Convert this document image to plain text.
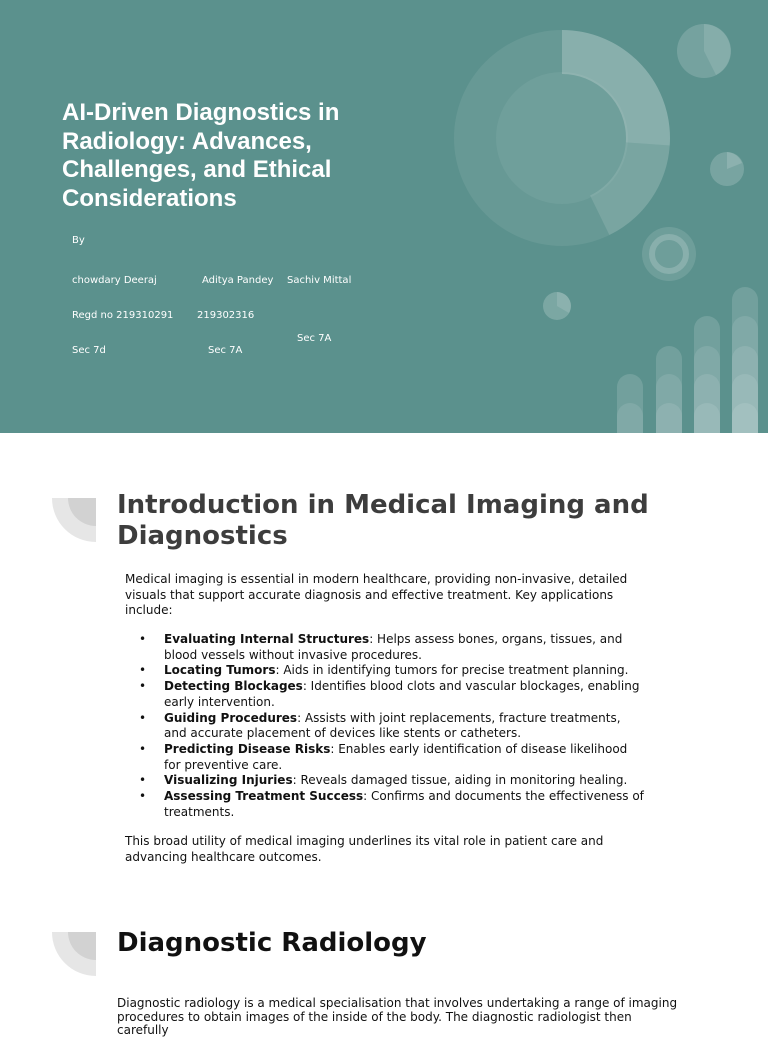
AI-Driven Diagnostics in Radiology: Advances, Challenges, and Ethical Considerations
By

chowdary Deeraj

Regd no 219310291

Sec 7d

Aditya Pandey

219302316

Sec 7A

Sachiv Mittal

Sec 7A

Introduction in Medical Imaging and Diagnostics

Medical imaging is essential in modern healthcare, providing non-invasive, detailed visuals that support accurate diagnosis and effective treatment. Key applications include:

• Evaluating Internal Structures: Helps assess bones, organs, tissues, and blood vessels without invasive procedures.
• Locating Tumors: Aids in identifying tumors for precise treatment planning.
• Detecting Blockages: Identifies blood clots and vascular blockages, enabling early intervention.
• Guiding Procedures: Assists with joint replacements, fracture treatments, and accurate placement of devices like stents or catheters.
• Predicting Disease Risks: Enables early identification of disease likelihood for preventive care.
• Visualizing Injuries: Reveals damaged tissue, aiding in monitoring healing.
• Assessing Treatment Success: Confirms and documents the effectiveness of treatments.

This broad utility of medical imaging underlines its vital role in patient care and advancing healthcare outcomes.

Diagnostic Radiology

Diagnostic radiology is a medical specialisation that involves undertaking a range of imaging procedures to obtain images of the inside of the body. The diagnostic radiologist then carefully
